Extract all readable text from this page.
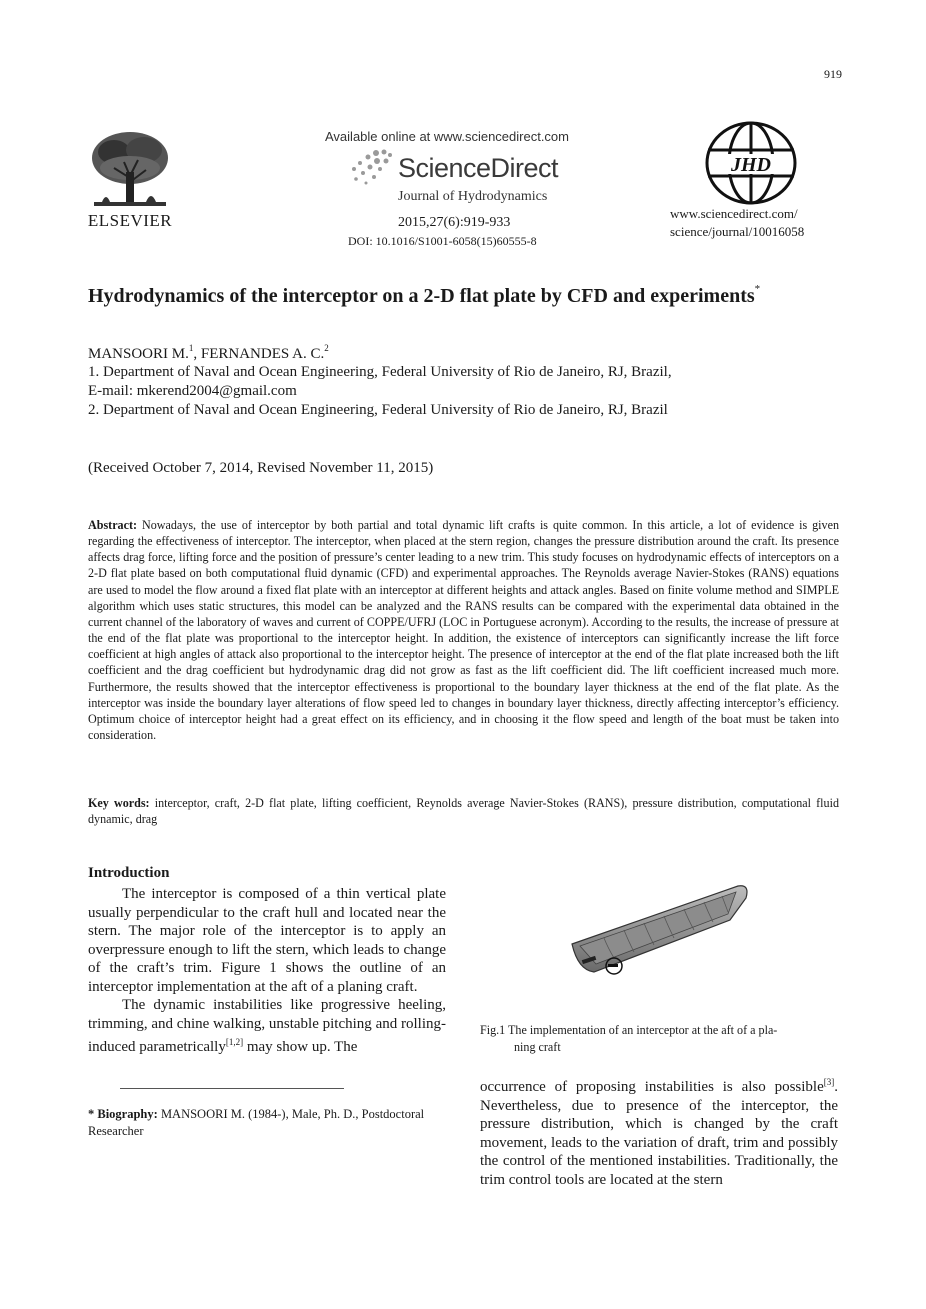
919
ELSEVIER
Available online at www.sciencedirect.com
ScienceDirect
Journal of Hydrodynamics
2015,27(6):919-933
DOI: 10.1016/S1001-6058(15)60555-8
JHD
www.sciencedirect.com/
science/journal/10016058
Hydrodynamics of the interceptor on a 2-D flat plate by CFD and experiments*
MANSOORI M.$^1$, FERNANDES A. C.$^2$
1. Department of Naval and Ocean Engineering, Federal University of Rio de Janeiro, RJ, Brazil,
E-mail: mkerend2004@gmail.com
2. Department of Naval and Ocean Engineering, Federal University of Rio de Janeiro, RJ, Brazil
(Received October 7, 2014, Revised November 11, 2015)
Abstract: Nowadays, the use of interceptor by both partial and total dynamic lift crafts is quite common. In this article, a lot of evidence is given regarding the effectiveness of interceptor. The interceptor, when placed at the stern region, changes the pressure distribution around the craft. Its presence affects drag force, lifting force and the position of pressure’s center leading to a new trim. This study focuses on hydrodynamic effects of interceptors on a 2-D flat plate based on both computational fluid dynamic (CFD) and experimental approaches. The Reynolds average Navier-Stokes (RANS) equations are used to model the flow around a fixed flat plate with an interceptor at different heights and attack angles. Based on finite volume method and SIMPLE algorithm which uses static structures, this model can be analyzed and the RANS results can be compared with the experimental data obtained in the current channel of the laboratory of waves and current of COPPE/UFRJ (LOC in Portuguese acronym). According to the results, the increase of pressure at the end of the flat plate was proportional to the interceptor height. In addition, the existence of interceptors can significantly increase the lift force coefficient at high angles of attack also proportional to the interceptor height. The presence of interceptor at the end of the flat plate increased both the lift coefficient and the drag coefficient but hydrodynamic drag did not grow as fast as the lift coefficient did. The lift coefficient increased much more. Furthermore, the results showed that the interceptor effectiveness is proportional to the boundary layer thickness at the end of the flat plate. As the interceptor was inside the boundary layer alterations of flow speed led to changes in boundary layer thickness, directly affecting interceptor’s efficiency. Optimum choice of interceptor height had a great effect on its efficiency, and in choosing it the flow speed and length of the boat must be taken into consideration.
Key words: interceptor, craft, 2-D flat plate, lifting coefficient, Reynolds average Navier-Stokes (RANS), pressure distribution, computational fluid dynamic, drag
Introduction

The interceptor is composed of a thin vertical plate usually perpendicular to the craft hull and located near the stern. The major role of the interceptor is to apply an overpressure enough to lift the stern, which leads to change of the craft’s trim. Figure 1 shows the outline of an interceptor implementation at the aft of a planing craft.

The dynamic instabilities like progressive heeling, trimming, and chine walking, unstable pitching and rolling-induced parametrically[1,2] may show up. The

* Biography: MANSOORI M. (1984-), Male, Ph. D., Postdoctoral Researcher
Fig.1 The implementation of an interceptor at the aft of a pla-
ning craft
occurrence of proposing instabilities is also possible[3]. Nevertheless, due to presence of the interceptor, the pressure distribution, which is changed by the craft movement, leads to the variation of draft, trim and possibly the control of the mentioned instabilities. Traditionally, the trim control tools are located at the stern
